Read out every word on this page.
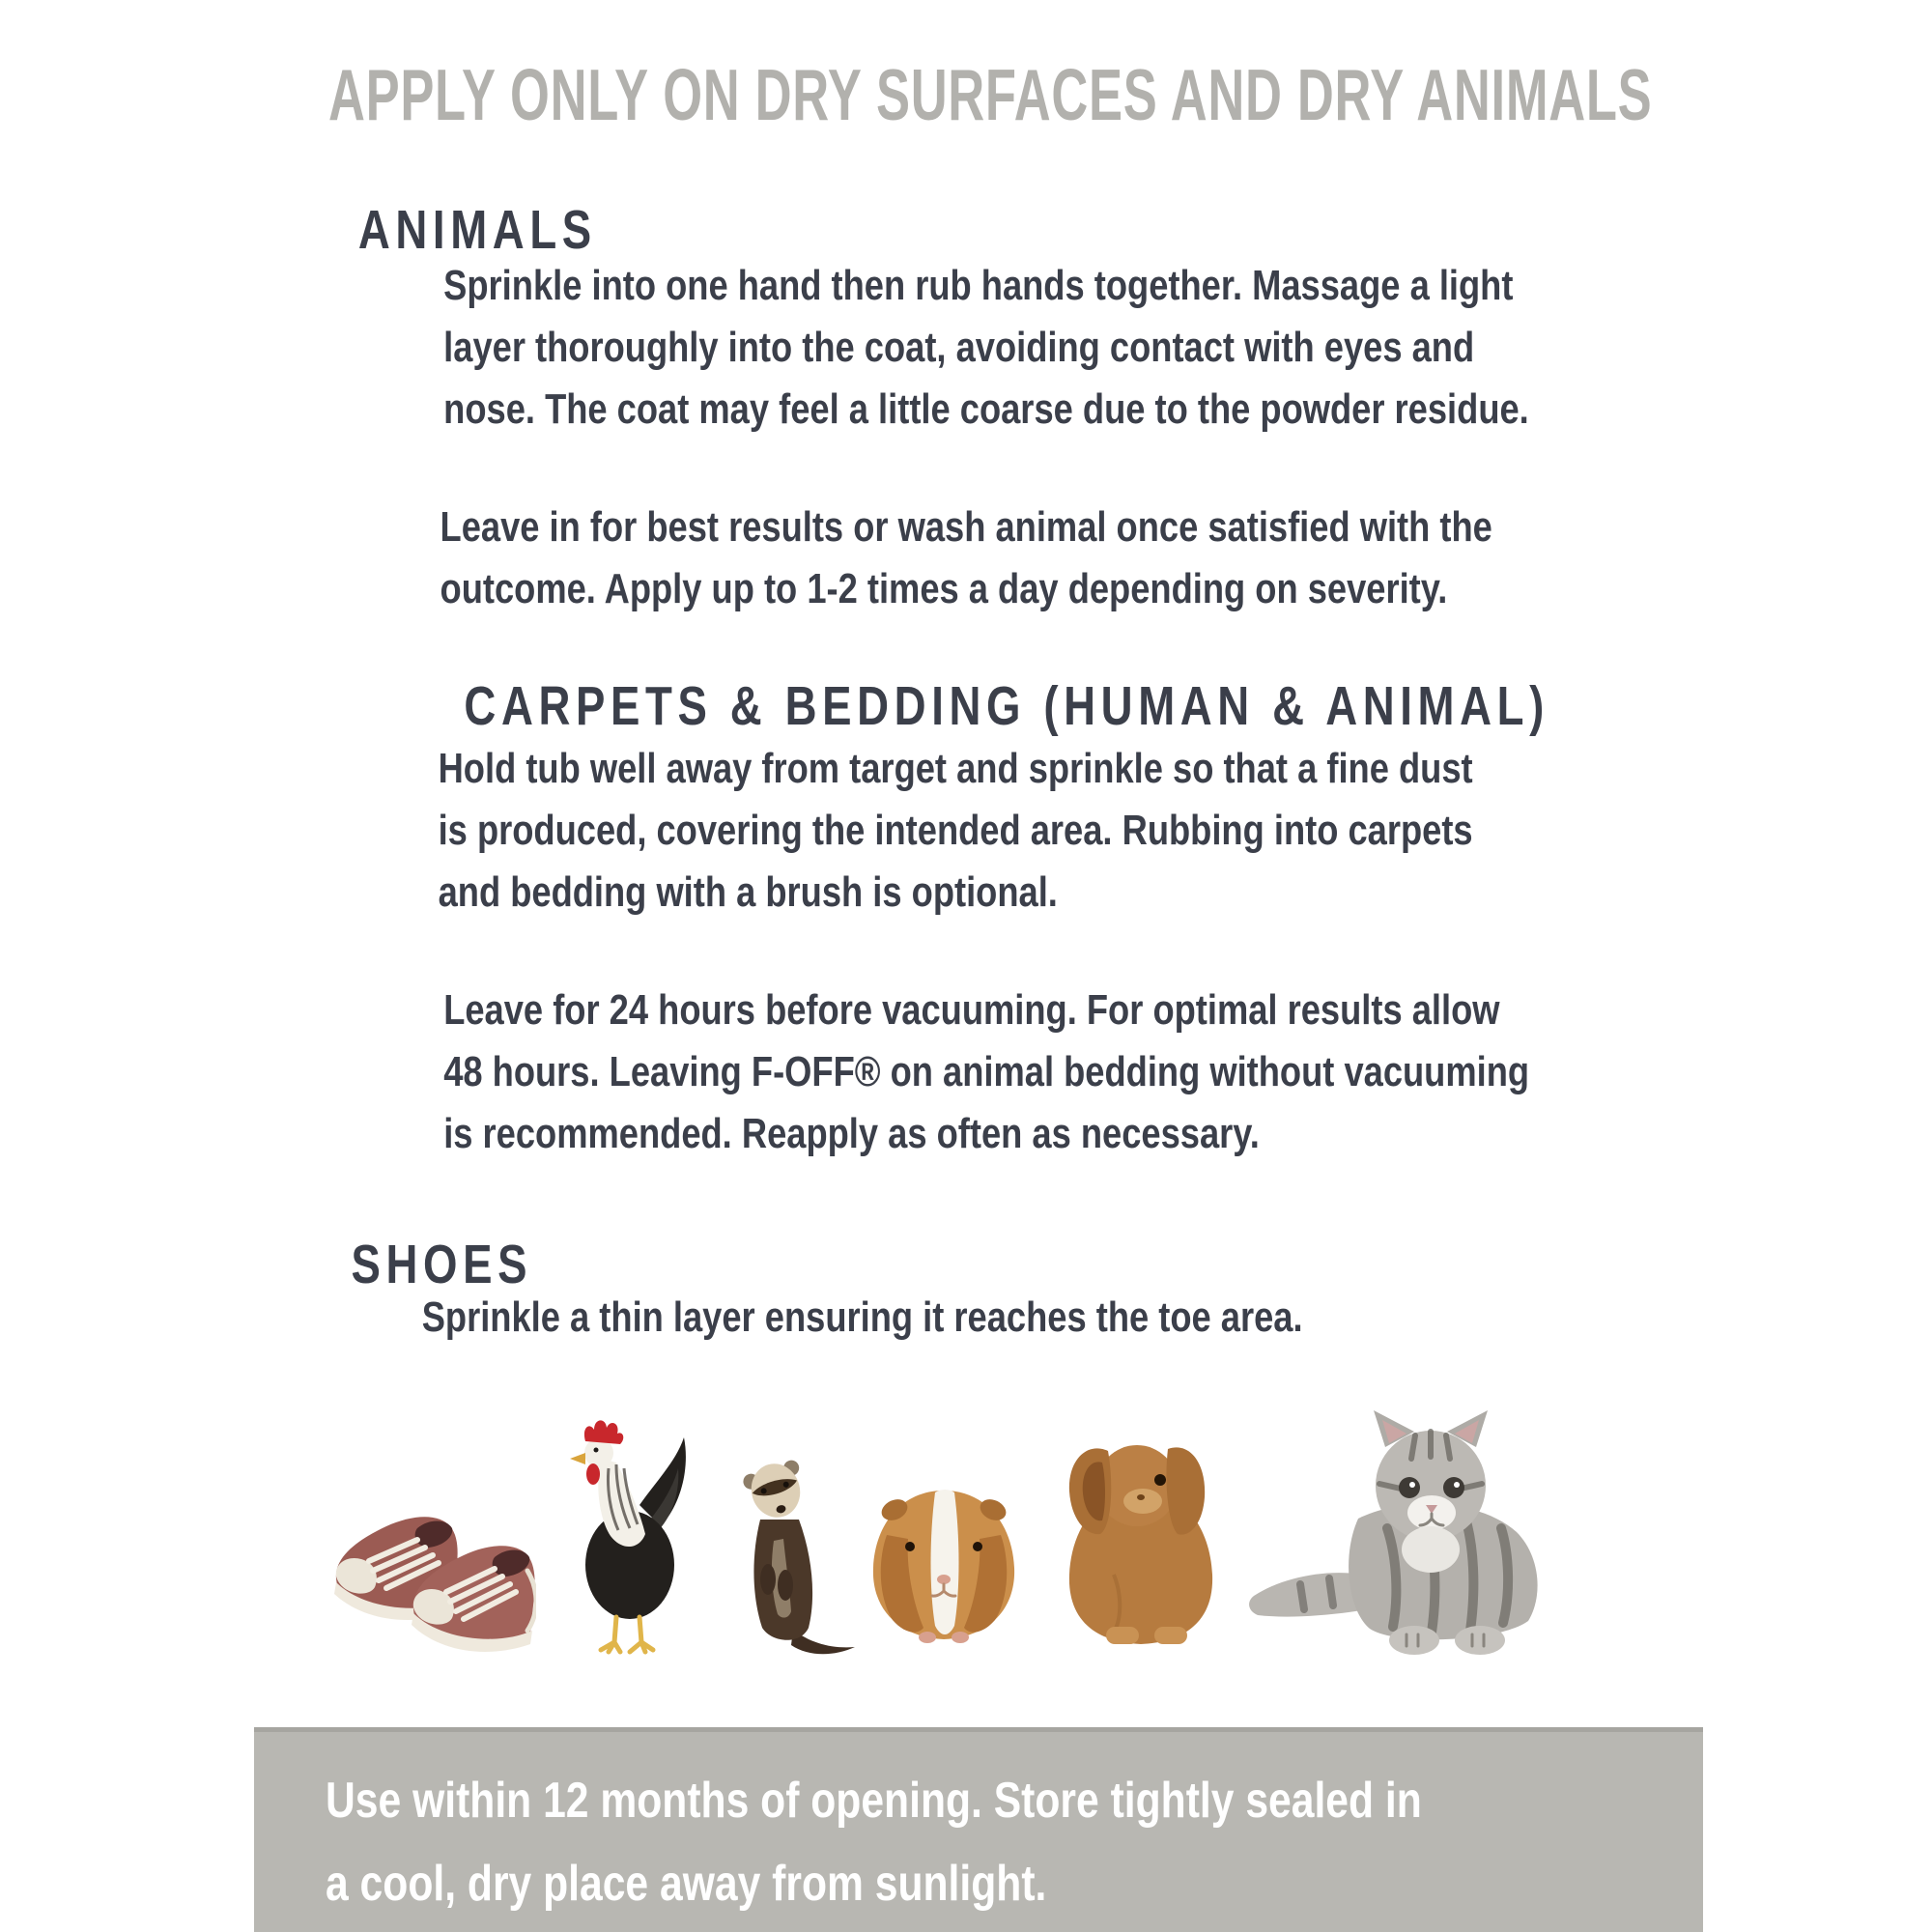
APPLY ONLY ON DRY SURFACES AND DRY ANIMALS
ANIMALS
Sprinkle into one hand then rub hands together. Massage a light
layer thoroughly into the coat, avoiding contact with eyes and
nose. The coat may feel a little coarse due to the powder residue.
Leave in for best results or wash animal once satisfied with the
outcome. Apply up to 1-2 times a day depending on severity.
CARPETS & BEDDING (HUMAN & ANIMAL)
Hold tub well away from target and sprinkle so that a fine dust
is produced, covering the intended area. Rubbing into carpets
and bedding with a brush is optional.
Leave for 24 hours before vacuuming. For optimal results allow
48 hours. Leaving F-OFF® on animal bedding without vacuuming
is recommended. Reapply as often as necessary.
SHOES
Sprinkle a thin layer ensuring it reaches the toe area.
Use within 12 months of opening. Store tightly sealed in
a cool, dry place away from sunlight.
